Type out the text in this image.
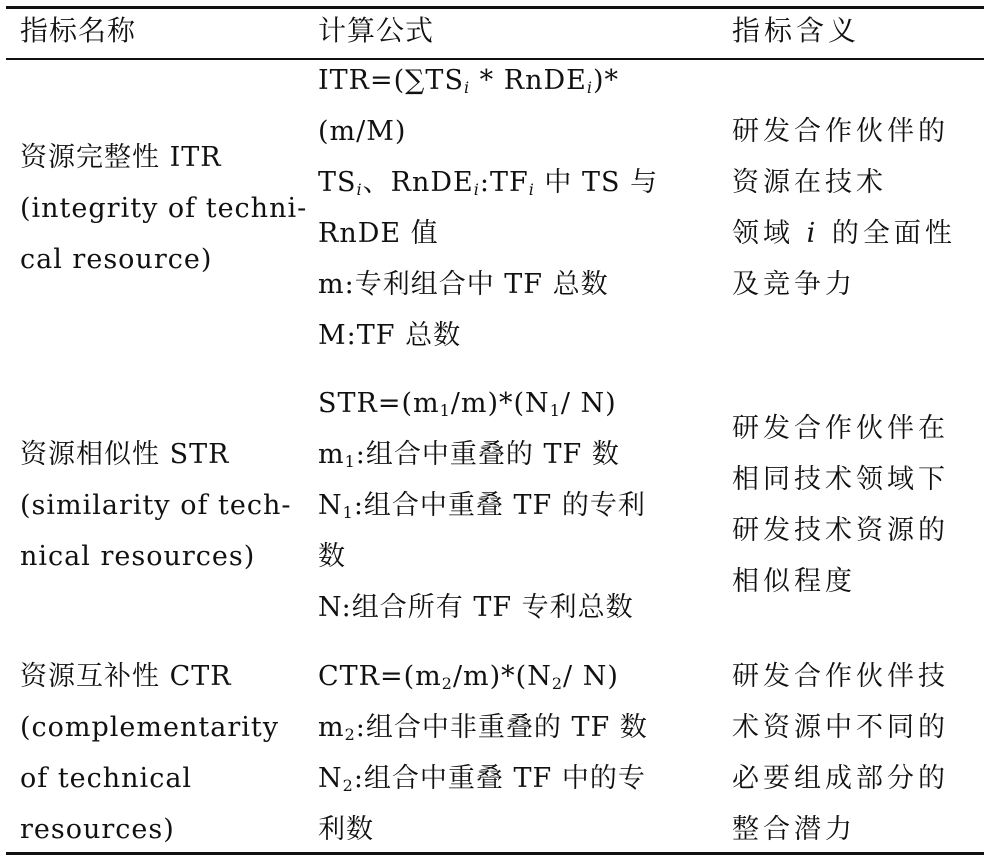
指标名称	计算公式	指标含义
资源完整性 ITR
(integrity of techni-
cal resource)
$ITR=(\sum TS_i$ * RnDE$_i$)*
(m/M)
$TS_i$、$RnDE_i:TF_i$ 中 TS 与
RnDE 值
m:专利组合中 TF 总数
M:TF 总数
研发合作伙伴的
资源在技术
领域 i 的全面性
及竞争力
资源相似性 STR
(similarity of tech-
nical resources)
$STR=(m_1/m)*(N_1/$ N)
$m_1$:组合中重叠的 TF 数
$N_1$:组合中重叠 TF 的专利
数
N:组合所有 TF 专利总数
研发合作伙伴在
相同技术领域下
研发技术资源的
相似程度
资源互补性 CTR
(complementarity
of technical
resources)
$CTR=(m_2/m)*(N_2/$ N)
$m_2$:组合中非重叠的 TF 数
$N_2$:组合中重叠 TF 中的专
利数
研发合作伙伴技
术资源中不同的
必要组成部分的
整合潜力
